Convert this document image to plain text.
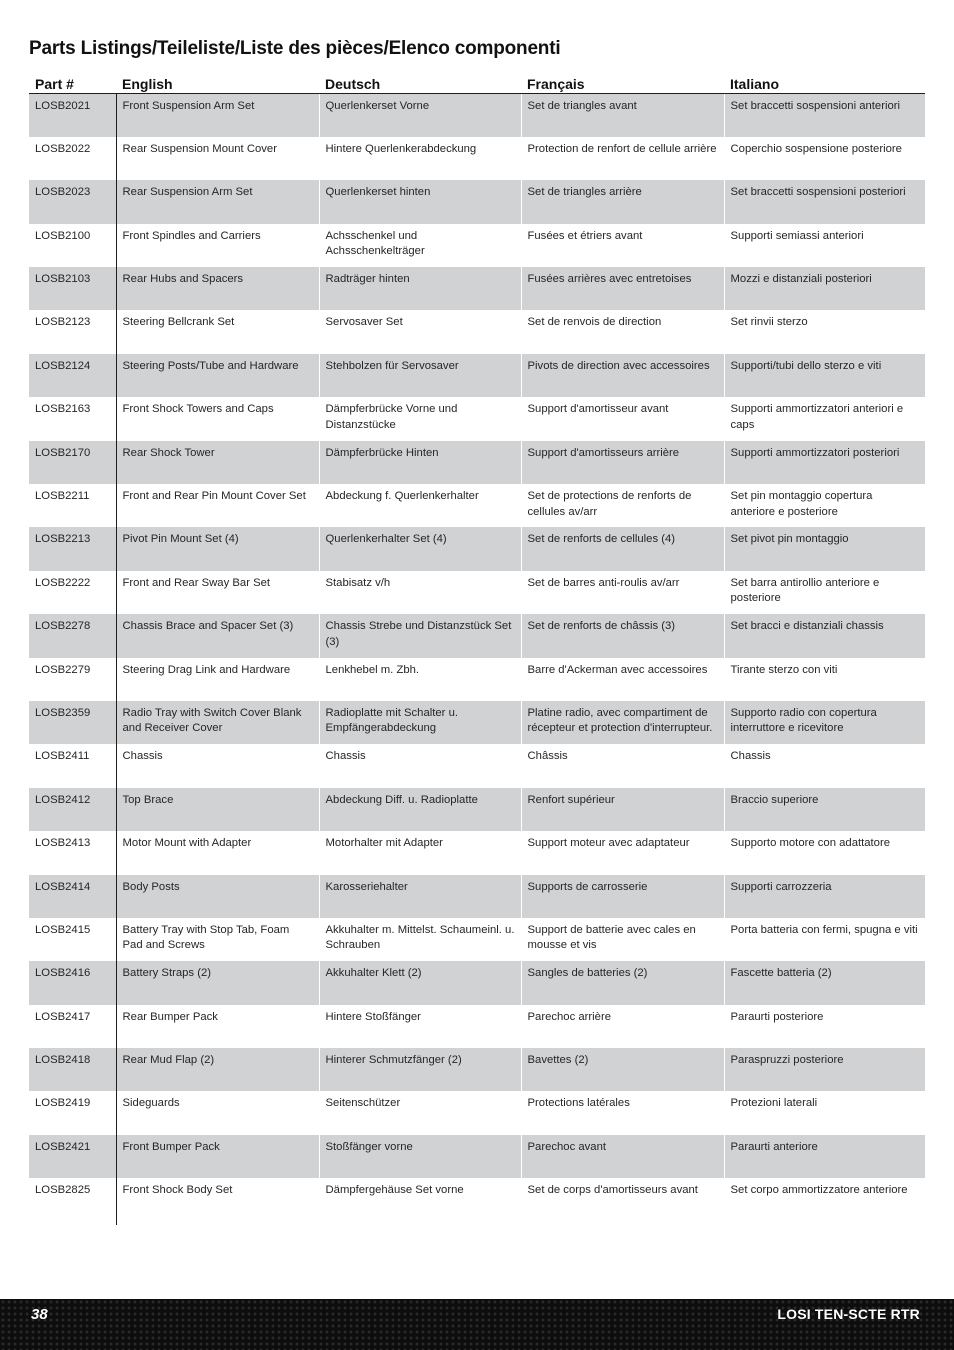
Parts Listings/Teileliste/Liste des pièces/Elenco componenti
Part #	English	Deutsch	Français	Italiano
LOSB2021	Front Suspension Arm Set	Querlenkerset Vorne	Set de triangles avant	Set braccetti sospensioni anteriori
LOSB2022	Rear Suspension Mount Cover	Hintere Querlenkerabdeckung	Protection de renfort de cellule arrière	Coperchio sospensione posteriore
LOSB2023	Rear Suspension Arm Set	Querlenkerset hinten	Set de triangles arrière	Set braccetti sospensioni posteriori
LOSB2100	Front Spindles and Carriers	Achsschenkel und Achsschenkelträger	Fusées et étriers avant	Supporti semiassi anteriori
LOSB2103	Rear Hubs and Spacers	Radträger hinten	Fusées arrières avec entretoises	Mozzi e distanziali posteriori
LOSB2123	Steering Bellcrank Set	Servosaver Set	Set de renvois de direction	Set rinvii sterzo
LOSB2124	Steering Posts/Tube and Hardware	Stehbolzen für Servosaver	Pivots de direction avec accessoires	Supporti/tubi dello sterzo e viti
LOSB2163	Front Shock Towers and Caps	Dämpferbrücke Vorne und Distanzstücke	Support d'amortisseur avant	Supporti ammortizzatori anteriori e caps
LOSB2170	Rear Shock Tower	Dämpferbrücke Hinten	Support d'amortisseurs arrière	Supporti ammortizzatori posteriori
LOSB2211	Front and Rear Pin Mount Cover Set	Abdeckung f. Querlenkerhalter	Set de protections de renforts de cellules av/arr	Set pin montaggio copertura anteriore e posteriore
LOSB2213	Pivot Pin Mount Set (4)	Querlenkerhalter Set (4)	Set de renforts de cellules (4)	Set pivot pin montaggio
LOSB2222	Front and Rear Sway Bar Set	Stabisatz v/h	Set de barres anti-roulis av/arr	Set barra antirollio anteriore e posteriore
LOSB2278	Chassis Brace and Spacer Set (3)	Chassis Strebe und Distanzstück Set (3)	Set de renforts de châssis (3)	Set bracci e distanziali chassis
LOSB2279	Steering Drag Link and Hardware	Lenkhebel m. Zbh.	Barre d'Ackerman avec accessoires	Tirante sterzo con viti
LOSB2359	Radio Tray with Switch Cover Blank and Receiver Cover	Radioplatte mit Schalter u. Empfängerabdeckung	Platine radio, avec compartiment de récepteur et protection d'interrupteur.	Supporto radio con copertura interruttore e ricevitore
LOSB2411	Chassis	Chassis	Châssis	Chassis
LOSB2412	Top Brace	Abdeckung Diff. u. Radioplatte	Renfort supérieur	Braccio superiore
LOSB2413	Motor Mount with Adapter	Motorhalter mit Adapter	Support moteur avec adaptateur	Supporto motore con adattatore
LOSB2414	Body Posts	Karosseriehalter	Supports de carrosserie	Supporti carrozzeria
LOSB2415	Battery Tray with Stop Tab, Foam Pad and Screws	Akkuhalter m. Mittelst. Schaumeinl. u. Schrauben	Support de batterie avec cales en mousse et vis	Porta batteria con fermi, spugna e viti
LOSB2416	Battery Straps (2)	Akkuhalter Klett (2)	Sangles de batteries (2)	Fascette batteria (2)
LOSB2417	Rear Bumper Pack	Hintere Stoßfänger	Parechoc arrière	Paraurti posteriore
LOSB2418	Rear Mud Flap (2)	Hinterer Schmutzfänger (2)	Bavettes (2)	Paraspruzzi posteriore
LOSB2419	Sideguards	Seitenschützer	Protections latérales	Protezioni laterali
LOSB2421	Front Bumper Pack	Stoßfänger vorne	Parechoc avant	Paraurti anteriore
LOSB2825	Front Shock Body Set	Dämpfergehäuse Set vorne	Set de corps d'amortisseurs avant	Set corpo ammortizzatore anteriore
38	LOSI TEN-SCTE RTR
